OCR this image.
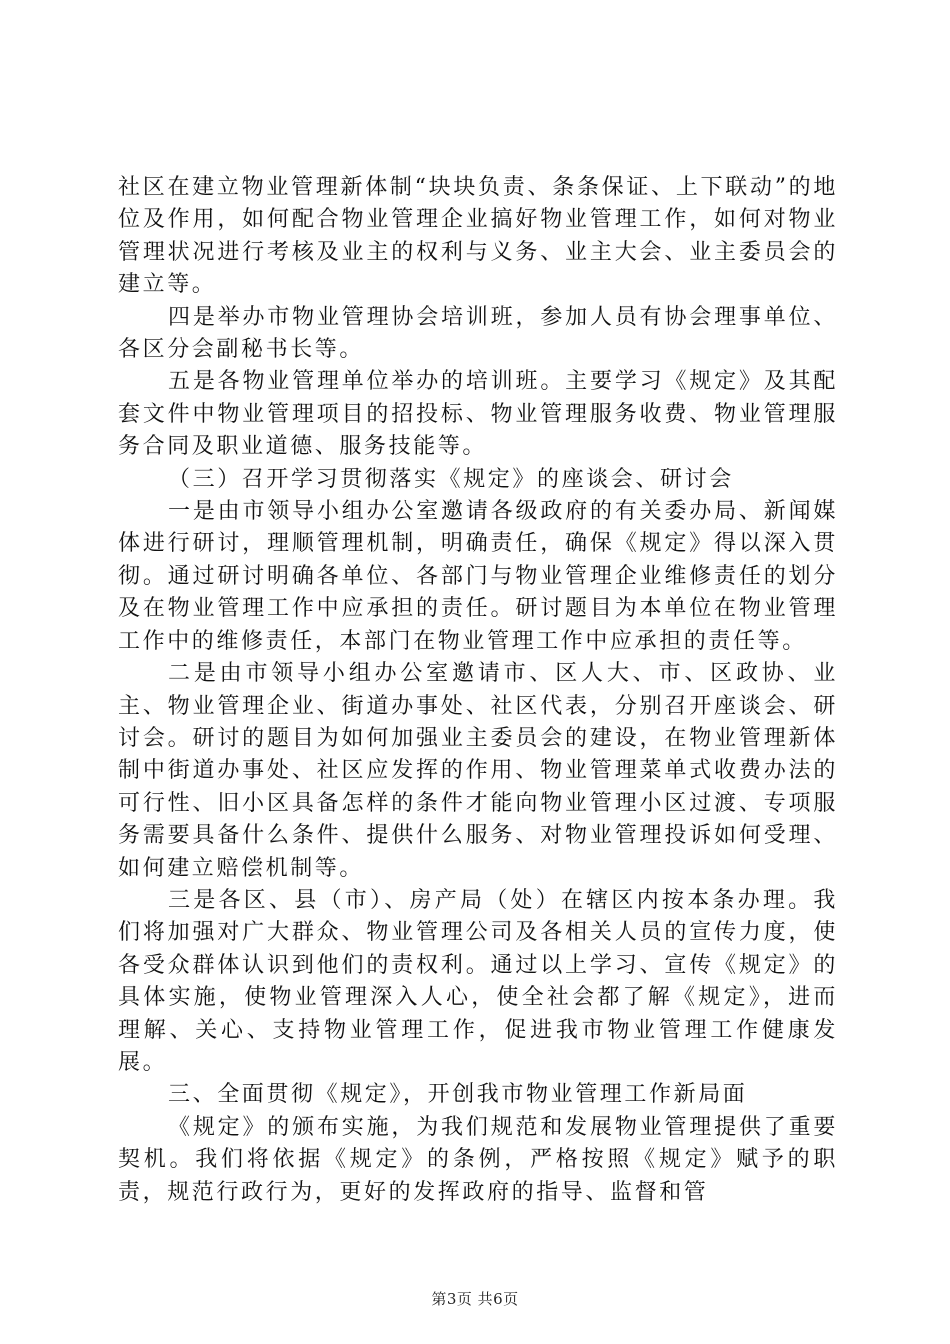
社区在建立物业管理新体制“块块负责、条条保证、上下联动”的地位及作用，如何配合物业管理企业搞好物业管理工作，如何对物业管理状况进行考核及业主的权利与义务、业主大会、业主委员会的建立等。

四是举办市物业管理协会培训班，参加人员有协会理事单位、各区分会副秘书长等。

五是各物业管理单位举办的培训班。主要学习《规定》及其配套文件中物业管理项目的招投标、物业管理服务收费、物业管理服务合同及职业道德、服务技能等。

（三）召开学习贯彻落实《规定》的座谈会、研讨会

一是由市领导小组办公室邀请各级政府的有关委办局、新闻媒体进行研讨，理顺管理机制，明确责任，确保《规定》得以深入贯彻。通过研讨明确各单位、各部门与物业管理企业维修责任的划分及在物业管理工作中应承担的责任。研讨题目为本单位在物业管理工作中的维修责任，本部门在物业管理工作中应承担的责任等。

二是由市领导小组办公室邀请市、区人大、市、区政协、业主、物业管理企业、街道办事处、社区代表，分别召开座谈会、研讨会。研讨的题目为如何加强业主委员会的建设，在物业管理新体制中街道办事处、社区应发挥的作用、物业管理菜单式收费办法的可行性、旧小区具备怎样的条件才能向物业管理小区过渡、专项服务需要具备什么条件、提供什么服务、对物业管理投诉如何受理、如何建立赔偿机制等。

三是各区、县（市）、房产局（处）在辖区内按本条办理。我们将加强对广大群众、物业管理公司及各相关人员的宣传力度，使各受众群体认识到他们的责权利。通过以上学习、宣传《规定》的具体实施，使物业管理深入人心，使全社会都了解《规定》，进而理解、关心、支持物业管理工作，促进我市物业管理工作健康发展。

三、全面贯彻《规定》，开创我市物业管理工作新局面

《规定》的颁布实施，为我们规范和发展物业管理提供了重要契机。我们将依据《规定》的条例，严格按照《规定》赋予的职责，规范行政行为，更好的发挥政府的指导、监督和管

第3页 共6页
